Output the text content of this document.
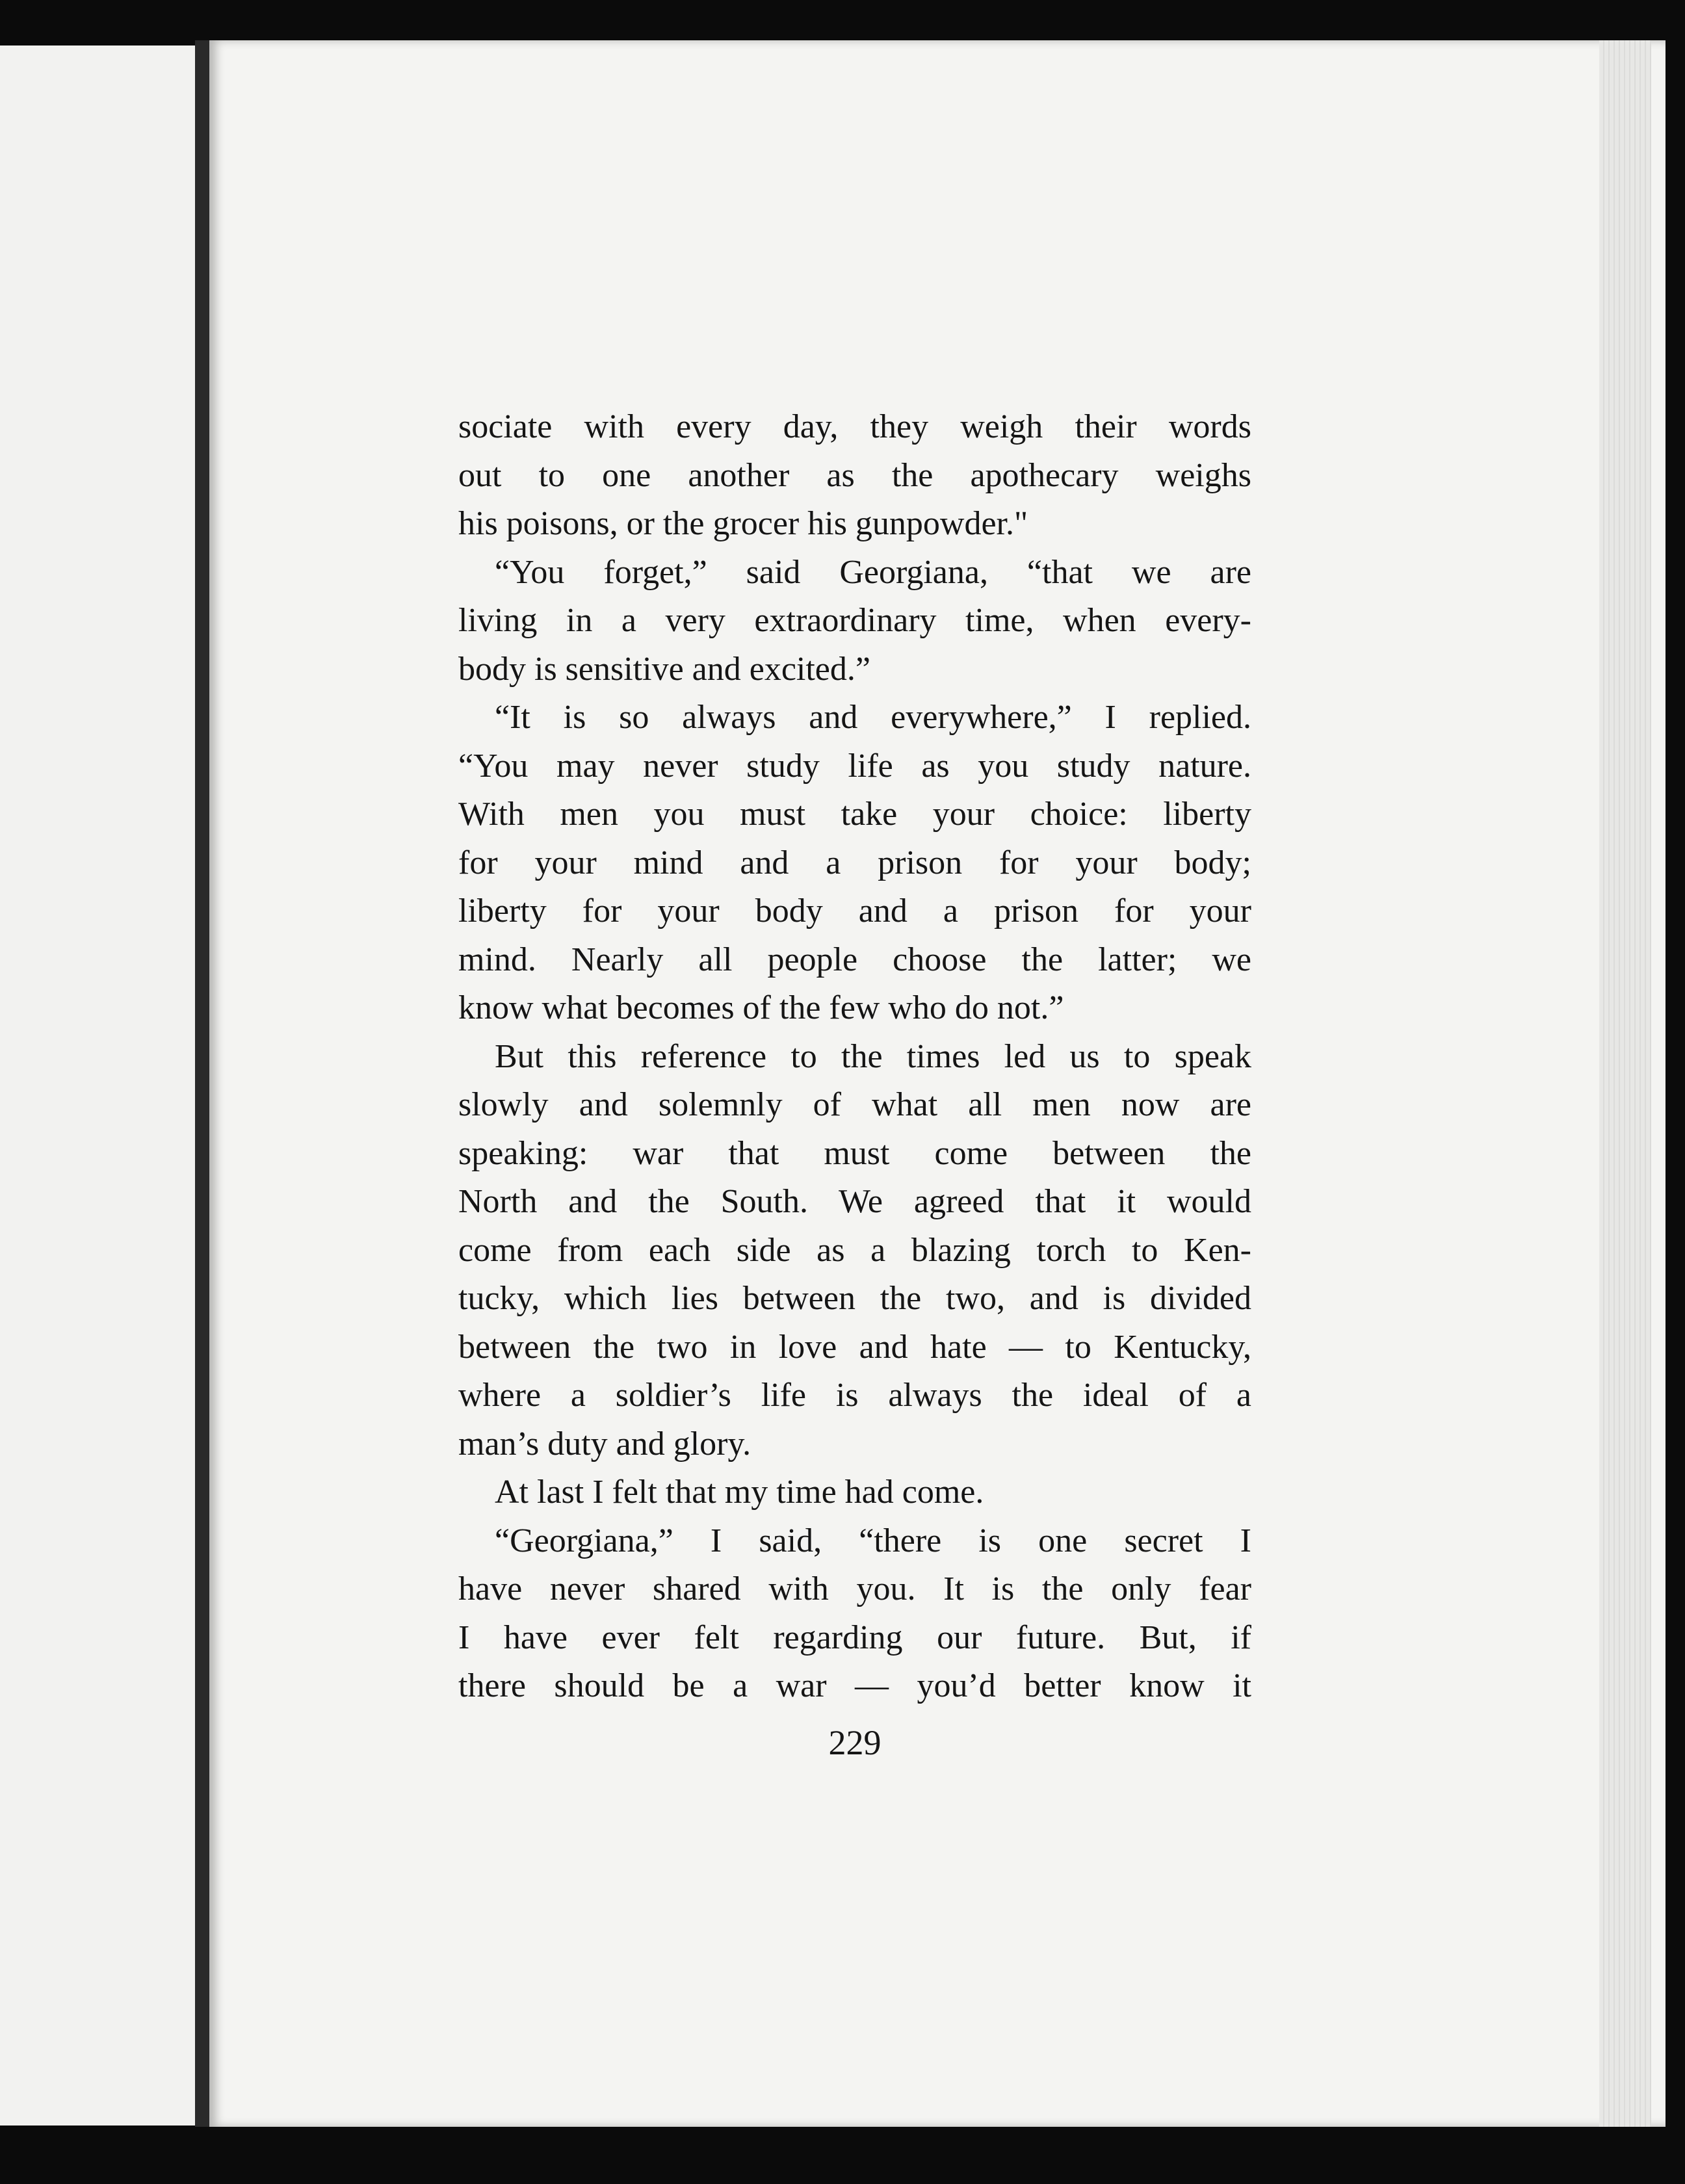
sociate with every day, they weigh their words
out to one another as the apothecary weighs
his poisons, or the grocer his gunpowder."
“You forget,” said Georgiana, “that we are
living in a very extraordinary time, when every-
body is sensitive and excited.”
“It is so always and everywhere,” I replied.
“You may never study life as you study nature.
With men you must take your choice: liberty
for your mind and a prison for your body;
liberty for your body and a prison for your
mind. Nearly all people choose the latter; we
know what becomes of the few who do not.”
But this reference to the times led us to speak
slowly and solemnly of what all men now are
speaking: war that must come between the
North and the South. We agreed that it would
come from each side as a blazing torch to Ken-
tucky, which lies between the two, and is divided
between the two in love and hate — to Kentucky,
where a soldier’s life is always the ideal of a
man’s duty and glory.
At last I felt that my time had come.
“Georgiana,” I said, “there is one secret I
have never shared with you. It is the only fear
I have ever felt regarding our future. But, if
there should be a war — you’d better know it
229
